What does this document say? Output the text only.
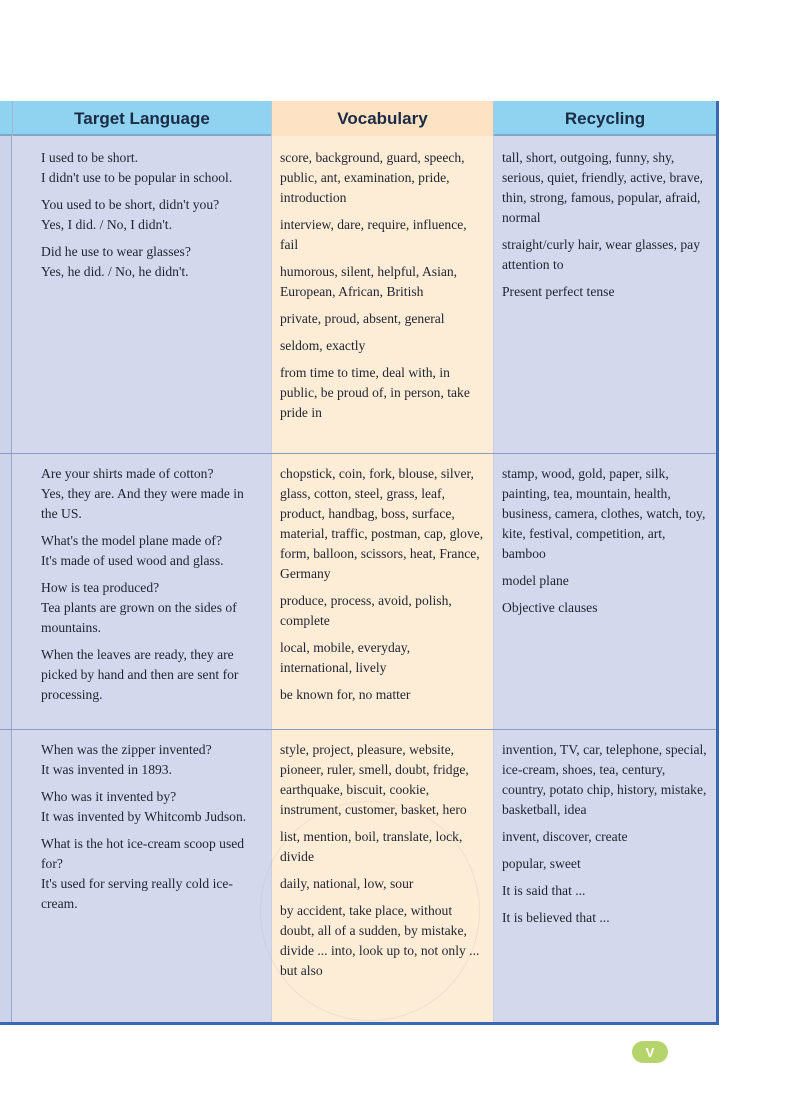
Target Language	Vocabulary	Recycling

I used to be short.
I didn't use to be popular in school.

You used to be short, didn't you?
Yes, I did. / No, I didn't.

Did he use to wear glasses?
Yes, he did. / No, he didn't.

score, background, guard, speech, public, ant, examination, pride, introduction

interview, dare, require, influence, fail

humorous, silent, helpful, Asian, European, African, British

private, proud, absent, general

seldom, exactly

from time to time, deal with, in public, be proud of, in person, take pride in

tall, short, outgoing, funny, shy, serious, quiet, friendly, active, brave, thin, strong, famous, popular, afraid, normal

straight/curly hair, wear glasses, pay attention to

Present perfect tense

Are your shirts made of cotton?
Yes, they are. And they were made in the US.

What's the model plane made of?
It's made of used wood and glass.

How is tea produced?
Tea plants are grown on the sides of mountains.

When the leaves are ready, they are picked by hand and then are sent for processing.

chopstick, coin, fork, blouse, silver, glass, cotton, steel, grass, leaf, product, handbag, boss, surface, material, traffic, postman, cap, glove, form, balloon, scissors, heat, France, Germany

produce, process, avoid, polish, complete

local, mobile, everyday, international, lively

be known for, no matter

stamp, wood, gold, paper, silk, painting, tea, mountain, health, business, camera, clothes, watch, toy, kite, festival, competition, art, bamboo

model plane

Objective clauses

When was the zipper invented?
It was invented in 1893.

Who was it invented by?
It was invented by Whitcomb Judson.

What is the hot ice-cream scoop used for?
It's used for serving really cold ice-cream.

style, project, pleasure, website, pioneer, ruler, smell, doubt, fridge, earthquake, biscuit, cookie, instrument, customer, basket, hero

list, mention, boil, translate, lock, divide

daily, national, low, sour

by accident, take place, without doubt, all of a sudden, by mistake, divide ... into, look up to, not only ... but also

invention, TV, car, telephone, special, ice-cream, shoes, tea, century, country, potato chip, history, mistake, basketball, idea

invent, discover, create

popular, sweet

It is said that ...

It is believed that ...

V
